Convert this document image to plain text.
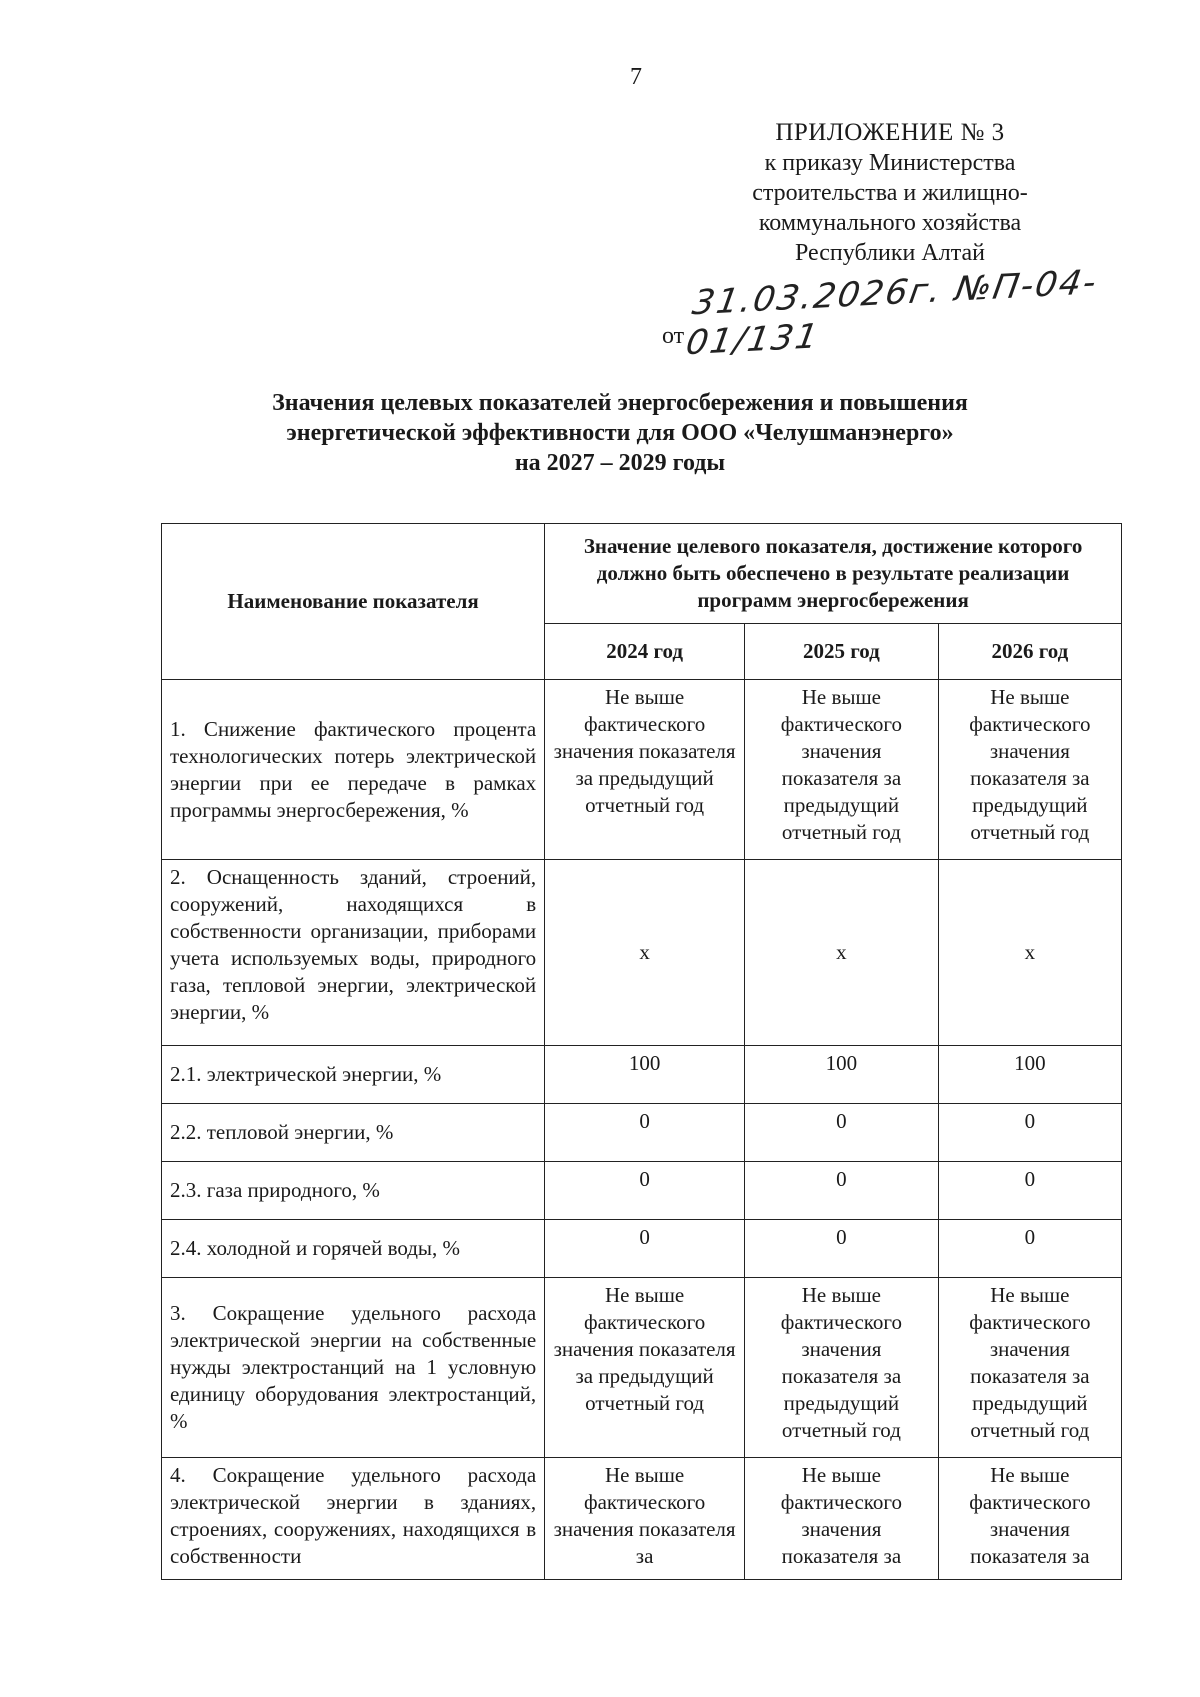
7
ПРИЛОЖЕНИЕ № 3
к приказу Министерства
строительства и жилищно-
коммунального хозяйства
Республики Алтай
от
31.03.2026г. №П-04-01/131
Значения целевых показателей энергосбережения и повышения
энергетической эффективности для ООО «Челушманэнерго»
на 2027 – 2029 годы
Наименование показателя	Значение целевого показателя, достижение которого должно быть обеспечено в результате реализации программ энергосбережения		
	2024 год	2025 год	2026 год
1. Снижение фактического процента технологических потерь электрической энергии при ее передаче в рамках программы энергосбережения, %	Не выше фактического значения показателя за предыдущий отчетный год	Не выше фактического значения показателя за предыдущий отчетный год	Не выше фактического значения показателя за предыдущий отчетный год
2. Оснащенность зданий, строений, сооружений, находящихся в собственности организации, приборами учета используемых воды, природного газа, тепловой энергии, электрической энергии, %	х	х	х
2.1. электрической энергии, %	100	100	100
2.2. тепловой энергии, %	0	0	0
2.3. газа природного, %	0	0	0
2.4. холодной и горячей воды, %	0	0	0
3. Сокращение удельного расхода электрической энергии на собственные нужды электростанций на 1 условную единицу оборудования электростанций, %	Не выше фактического значения показателя за предыдущий отчетный год	Не выше фактического значения показателя за предыдущий отчетный год	Не выше фактического значения показателя за предыдущий отчетный год
4. Сокращение удельного расхода электрической энергии в зданиях, строениях, сооружениях, находящихся в собственности	Не выше фактического значения показателя за	Не выше фактического значения показателя за	Не выше фактического значения показателя за
